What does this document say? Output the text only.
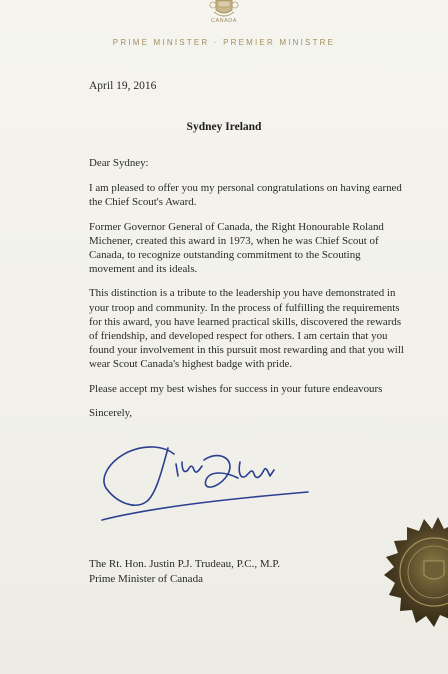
CANADA
PRIME MINISTER · PREMIER MINISTRE
April 19, 2016
Sydney Ireland

Dear Sydney:

I am pleased to offer you my personal congratulations on having earned the Chief Scout's Award.

Former Governor General of Canada, the Right Honourable Roland Michener, created this award in 1973, when he was Chief Scout of Canada, to recognize outstanding commitment to the Scouting movement and its ideals.

This distinction is a tribute to the leadership you have demonstrated in your troop and community. In the process of fulfilling the requirements for this award, you have learned practical skills, discovered the rewards of friendship, and developed respect for others. I am certain that you found your involvement in this pursuit most rewarding and that you will wear Scout Canada's highest badge with pride.

Please accept my best wishes for success in your future endeavours

Sincerely,

The Rt. Hon. Justin P.J. Trudeau, P.C., M.P.
Prime Minister of Canada
